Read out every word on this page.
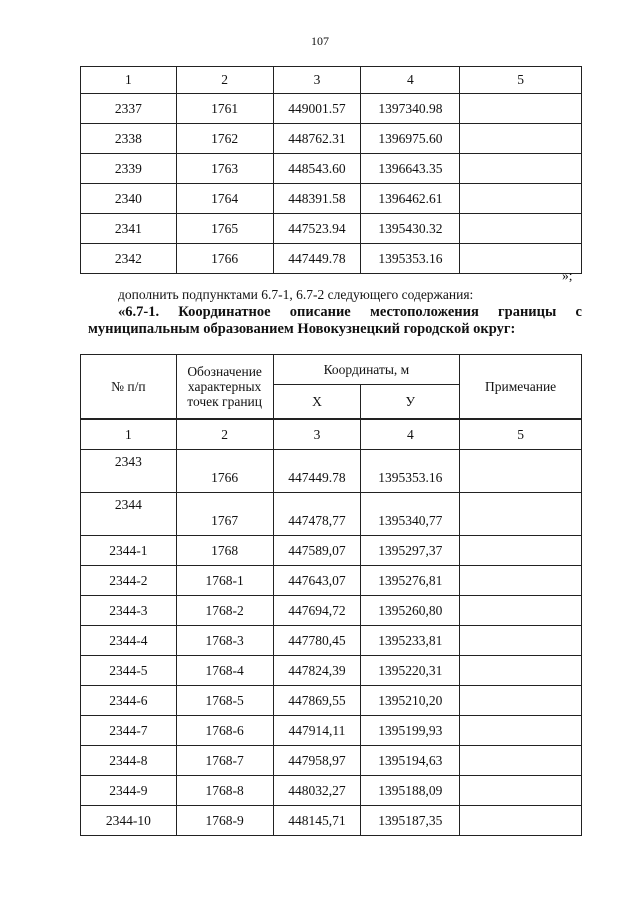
107
1	2	3	4	5
2337	1761	449001.57	1397340.98	
2338	1762	448762.31	1396975.60	
2339	1763	448543.60	1396643.35	
2340	1764	448391.58	1396462.61	
2341	1765	447523.94	1395430.32	
2342	1766	447449.78	1395353.16	
»;
дополнить подпунктами 6.7-1, 6.7-2 следующего содержания:
«6.7-1. Координатное описание местоположения границы с
муниципальным образованием Новокузнецкий городской округ:
№ п/п	Обозначение характерных точек границ	Координаты, м		Примечание
		X	У	
1	2	3	4	5
2343	1766	447449.78	1395353.16	
2344	1767	447478,77	1395340,77	
2344-1	1768	447589,07	1395297,37	
2344-2	1768-1	447643,07	1395276,81	
2344-3	1768-2	447694,72	1395260,80	
2344-4	1768-3	447780,45	1395233,81	
2344-5	1768-4	447824,39	1395220,31	
2344-6	1768-5	447869,55	1395210,20	
2344-7	1768-6	447914,11	1395199,93	
2344-8	1768-7	447958,97	1395194,63	
2344-9	1768-8	448032,27	1395188,09	
2344-10	1768-9	448145,71	1395187,35	
